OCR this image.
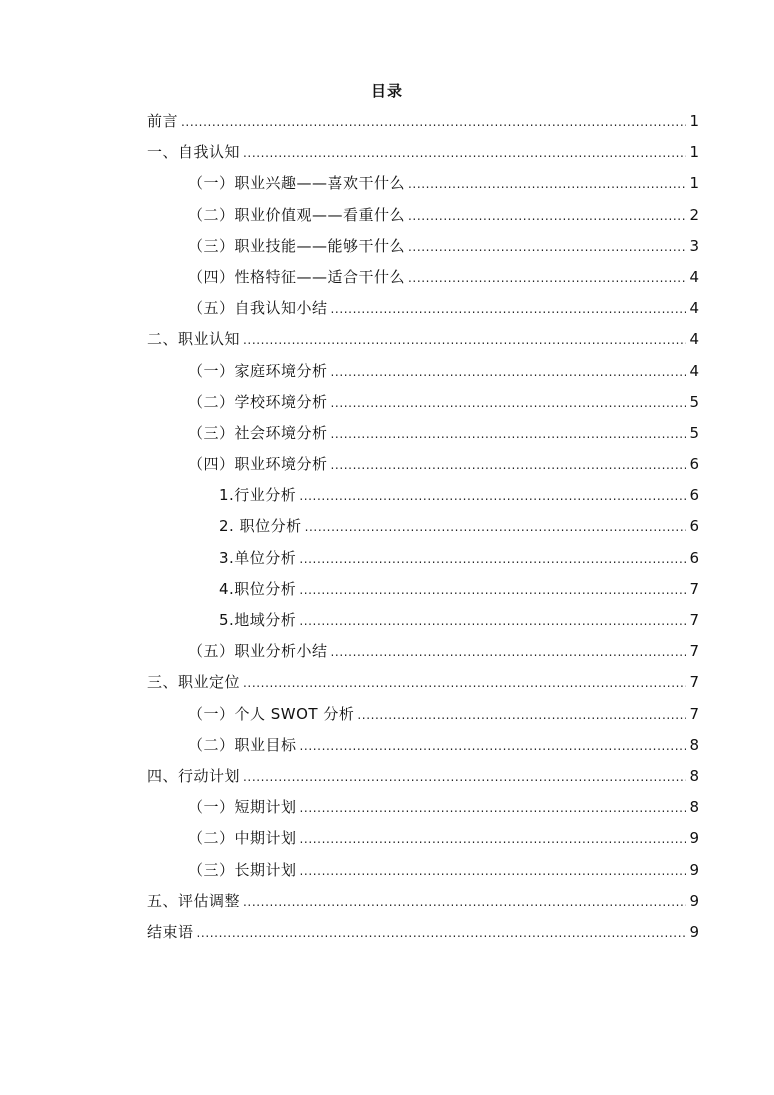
目录
前言 .....	1
一、自我认知 .....	1
（一）职业兴趣——喜欢干什么 .....	1
（二）职业价值观——看重什么 .....	2
（三）职业技能——能够干什么 .....	3
（四）性格特征——适合干什么 .....	4
（五）自我认知小结 .....	4
二、职业认知 .....	4
（一）家庭环境分析 .....	4
（二）学校环境分析 .....	5
（三）社会环境分析 .....	5
（四）职业环境分析 .....	6
1.行业分析 .....	6
2. 职位分析 .....	6
3.单位分析 .....	6
4.职位分析 .....	7
5.地域分析 .....	7
（五）职业分析小结 .....	7
三、职业定位 .....	7
（一）个人 SWOT 分析 .....	7
（二）职业目标 .....	8
四、行动计划 .....	8
（一）短期计划 .....	8
（二）中期计划 .....	9
（三）长期计划 .....	9
五、评估调整 .....	9
结束语 .....	9
